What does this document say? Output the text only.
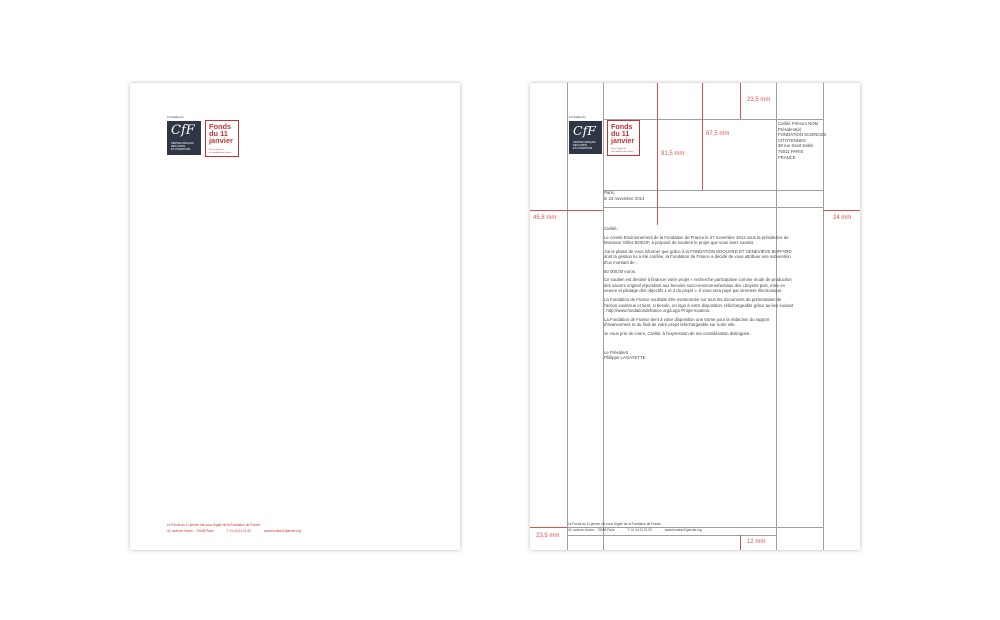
À l'initiative du
CfF
CENTRE FRANÇAIS
DES FONDS
ET FONDATIONS
Fonds
du 11
janvier
Sous l'égide de
la Fondation de France
Le Fonds du 11 janvier est sous l'égide de la Fondation de France
40, avenue Hoche – 75008 Paris	T. 01 44 21 31 00	www.fondsdu11janvier.org
23,5 mm
67,5 mm
91,5 mm
45,8 mm	24 mm
23,5 mm
12 mm
À l'initiative du
CfF
CENTRE FRANÇAIS
DES FONDS
ET FONDATIONS
Fonds
du 11
janvier
Sous l'égide de
la Fondation de France
Civilité Prénom NOM
Président(e)
FONDATION SCIENCES
CITOYENNES
38 rue Saint Sabin
75011 PARIS
FRANCE
Paris,
le 23 novembre 2014

Civilité,

Le comité Environnement de la Fondation de France le 27 novembre 2013 sous la présidence de Monsieur Gilles BOEUF, a proposé de soutenir le projet que vous avez soumis.

J'ai le plaisir de vous informer que grâce à la FONDATION ÉDOUARD ET GENEVIÈVE BUFFARD dont la gestion lui a été confiée, la Fondation de France a décidé de vous attribuer une subvention d'un montant de :

50 000,00 euros.

Ce soutien est destiné à financer votre projet « recherche participative comme mode de production des savoirs original répondant aux besoins socio-environnementaux des citoyens puis, mise en oeuvre et pilotage des objectifs 1 et 2 du projet ». Il vous sera payé par virement électronique.

La Fondation de France souhaite être mentionnée sur tous les documents de présentation de l'action soutenue et tient, si besoin, un logo à votre disposition, téléchargeable grâce au lien suivant : http://www.fondationdefrance.org/Logo-Projet-soutenu.

La Fondation de France tient à votre disposition une trame pour la rédaction du rapport d'avancement et du final de votre projet téléchargeable sur notre site.

Je vous prie de croire, Civilité, à l'expression de ma considération distinguée.

Le Président
Philippe LAGAYETTE
Le Fonds du 11 janvier est sous l'égide de la Fondation de France
40, avenue Hoche – 75008 Paris	T. 01 44 21 31 00	www.fondsdu11janvier.org
